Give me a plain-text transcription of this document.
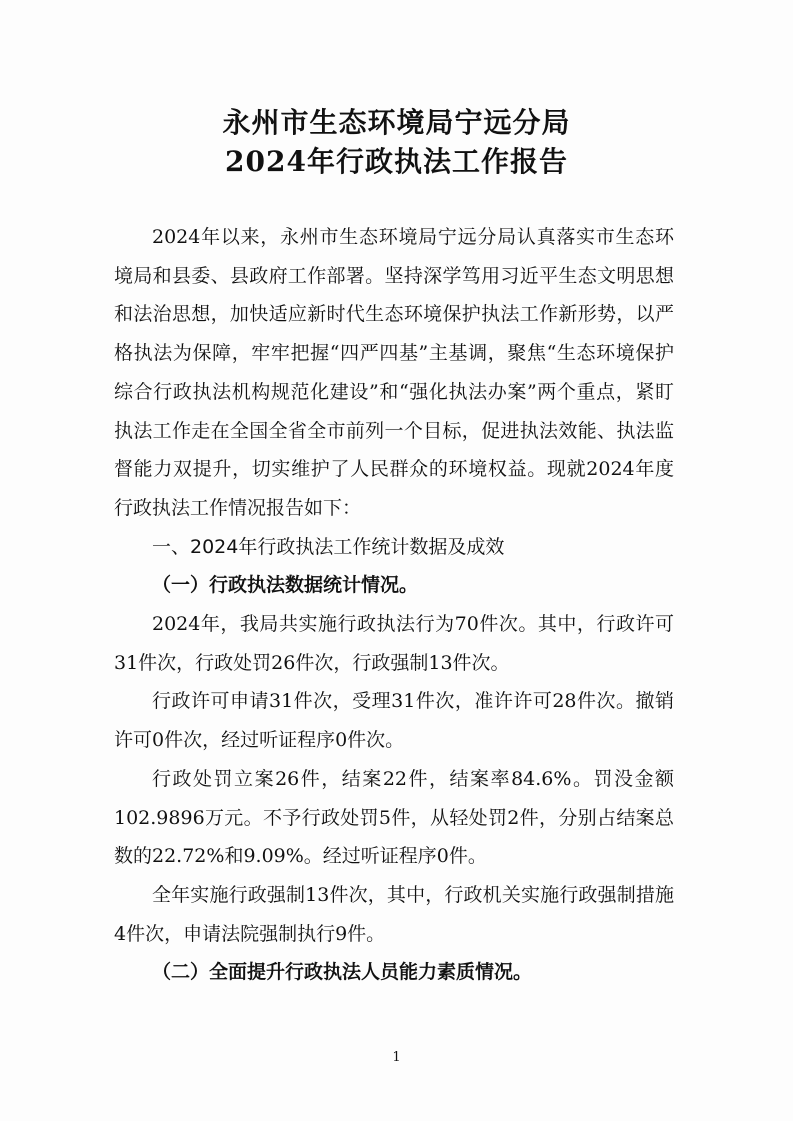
永州市生态环境局宁远分局
2024年行政执法工作报告

2024年以来，永州市生态环境局宁远分局认真落实市生态环境局和县委、县政府工作部署。坚持深学笃用习近平生态文明思想和法治思想，加快适应新时代生态环境保护执法工作新形势，以严格执法为保障，牢牢把握“四严四基”主基调，聚焦“生态环境保护综合行政执法机构规范化建设”和“强化执法办案”两个重点，紧盯执法工作走在全国全省全市前列一个目标，促进执法效能、执法监督能力双提升，切实维护了人民群众的环境权益。现就2024年度行政执法工作情况报告如下：

一、2024年行政执法工作统计数据及成效

（一）行政执法数据统计情况。

2024年，我局共实施行政执法行为70件次。其中，行政许可31件次，行政处罚26件次，行政强制13件次。

行政许可申请31件次，受理31件次，准许许可28件次。撤销许可0件次，经过听证程序0件次。

行政处罚立案26件，结案22件，结案率84.6%。罚没金额102.9896万元。不予行政处罚5件，从轻处罚2件，分别占结案总数的22.72%和9.09%。经过听证程序0件。

全年实施行政强制13件次，其中，行政机关实施行政强制措施4件次，申请法院强制执行9件。

（二）全面提升行政执法人员能力素质情况。

1
